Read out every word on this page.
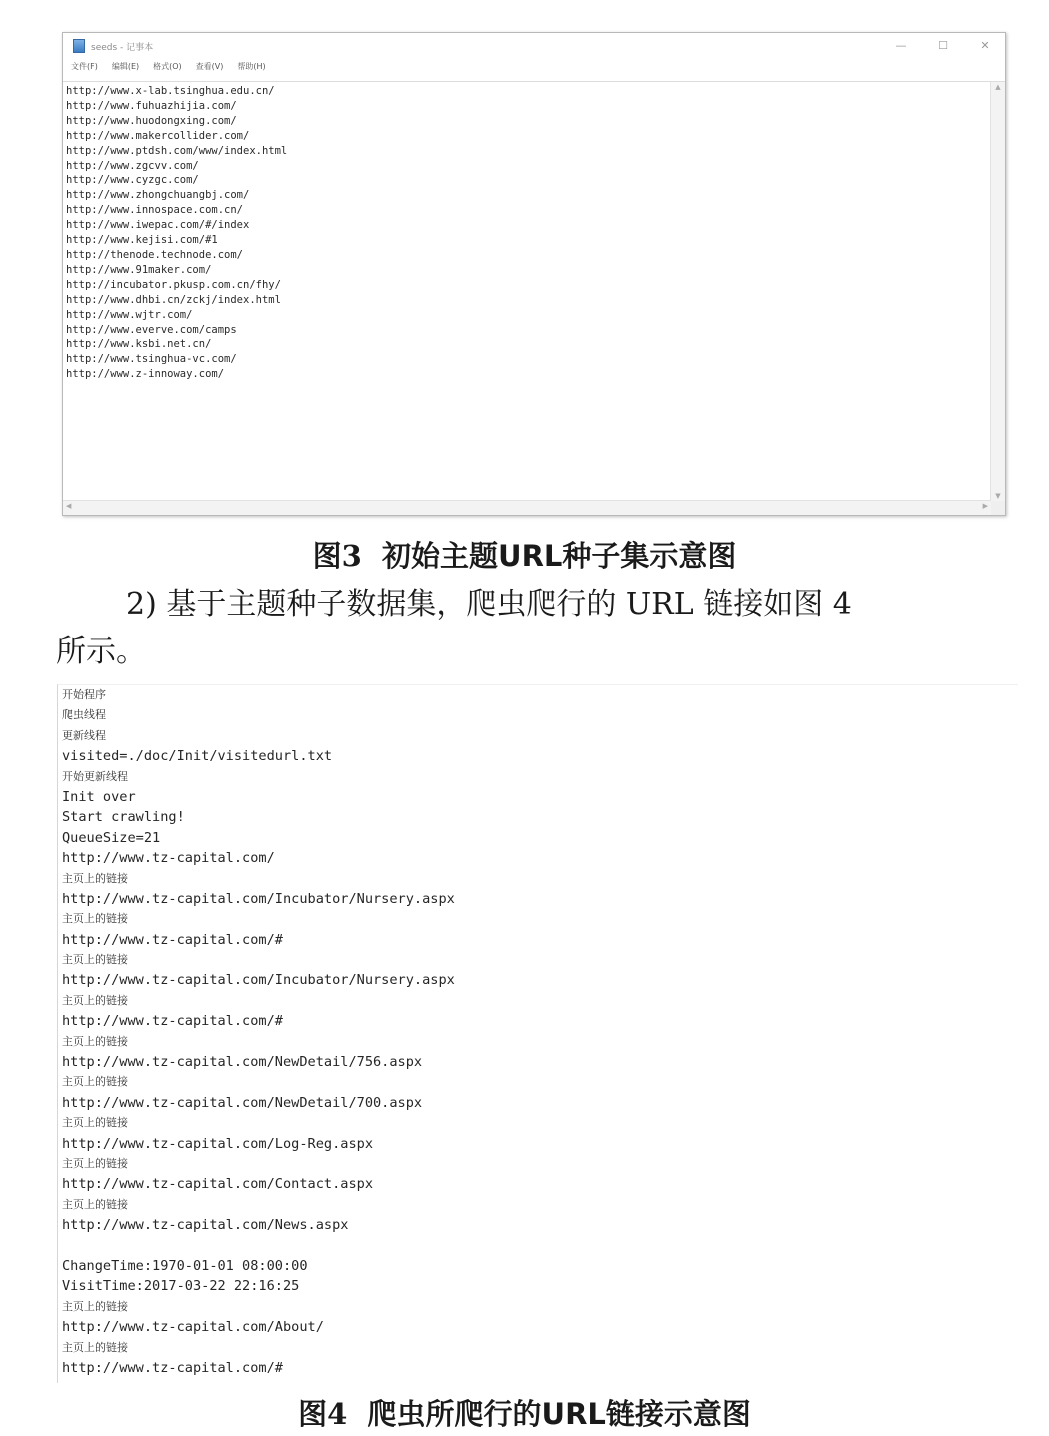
seeds - 记事本	—	☐	✕
文件(F) 编辑(E) 格式(O) 查看(V) 帮助(H)
http://www.x-lab.tsinghua.edu.cn/
http://www.fuhuazhijia.com/
http://www.huodongxing.com/
http://www.makercollider.com/
http://www.ptdsh.com/www/index.html
http://www.zgcvv.com/
http://www.cyzgc.com/
http://www.zhongchuangbj.com/
http://www.innospace.com.cn/
http://www.iwepac.com/#/index
http://www.kejisi.com/#1
http://thenode.technode.com/
http://www.91maker.com/
http://incubator.pkusp.com.cn/fhy/
http://www.dhbi.cn/zckj/index.html
http://www.wjtr.com/
http://www.everve.com/camps
http://www.ksbi.net.cn/
http://www.tsinghua-vc.com/
http://www.z-innoway.com/
▲
▼
◀	▶
图3 初始主题URL种子集示意图
2) 基于主题种子数据集，爬虫爬行的 URL 链接如图 4
所示。
开始程序
爬虫线程
更新线程
visited=./doc/Init/visitedurl.txt
开始更新线程
Init over
Start crawling!
QueueSize=21
http://www.tz-capital.com/
主页上的链接
http://www.tz-capital.com/Incubator/Nursery.aspx
主页上的链接
http://www.tz-capital.com/#
主页上的链接
http://www.tz-capital.com/Incubator/Nursery.aspx
主页上的链接
http://www.tz-capital.com/#
主页上的链接
http://www.tz-capital.com/NewDetail/756.aspx
主页上的链接
http://www.tz-capital.com/NewDetail/700.aspx
主页上的链接
http://www.tz-capital.com/Log-Reg.aspx
主页上的链接
http://www.tz-capital.com/Contact.aspx
主页上的链接
http://www.tz-capital.com/News.aspx
ChangeTime:1970-01-01 08:00:00
VisitTime:2017-03-22 22:16:25
主页上的链接
http://www.tz-capital.com/About/
主页上的链接
http://www.tz-capital.com/#
图4 爬虫所爬行的URL链接示意图
